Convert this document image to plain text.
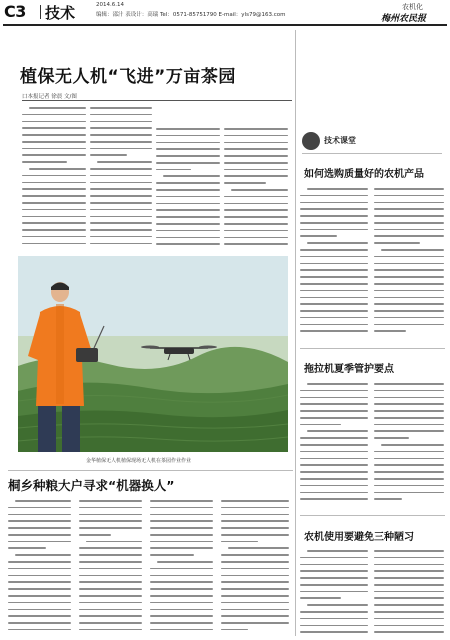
C3 技术	2014.6.14
编辑：邵汁 表设计：高瑞 Tel：0571-85751790 E-mail：yls79@163.com
农机化
梅州农民报
植保无人机“飞进”万亩茶园
口本报记者 徐晨 文/图
金华植保无人机植保现场无人机在茶园作业作业
桐乡种粮大户寻求“机器换人”
技术课堂
如何选购质量好的农机产品
拖拉机夏季管护要点
农机使用要避免三种陋习
